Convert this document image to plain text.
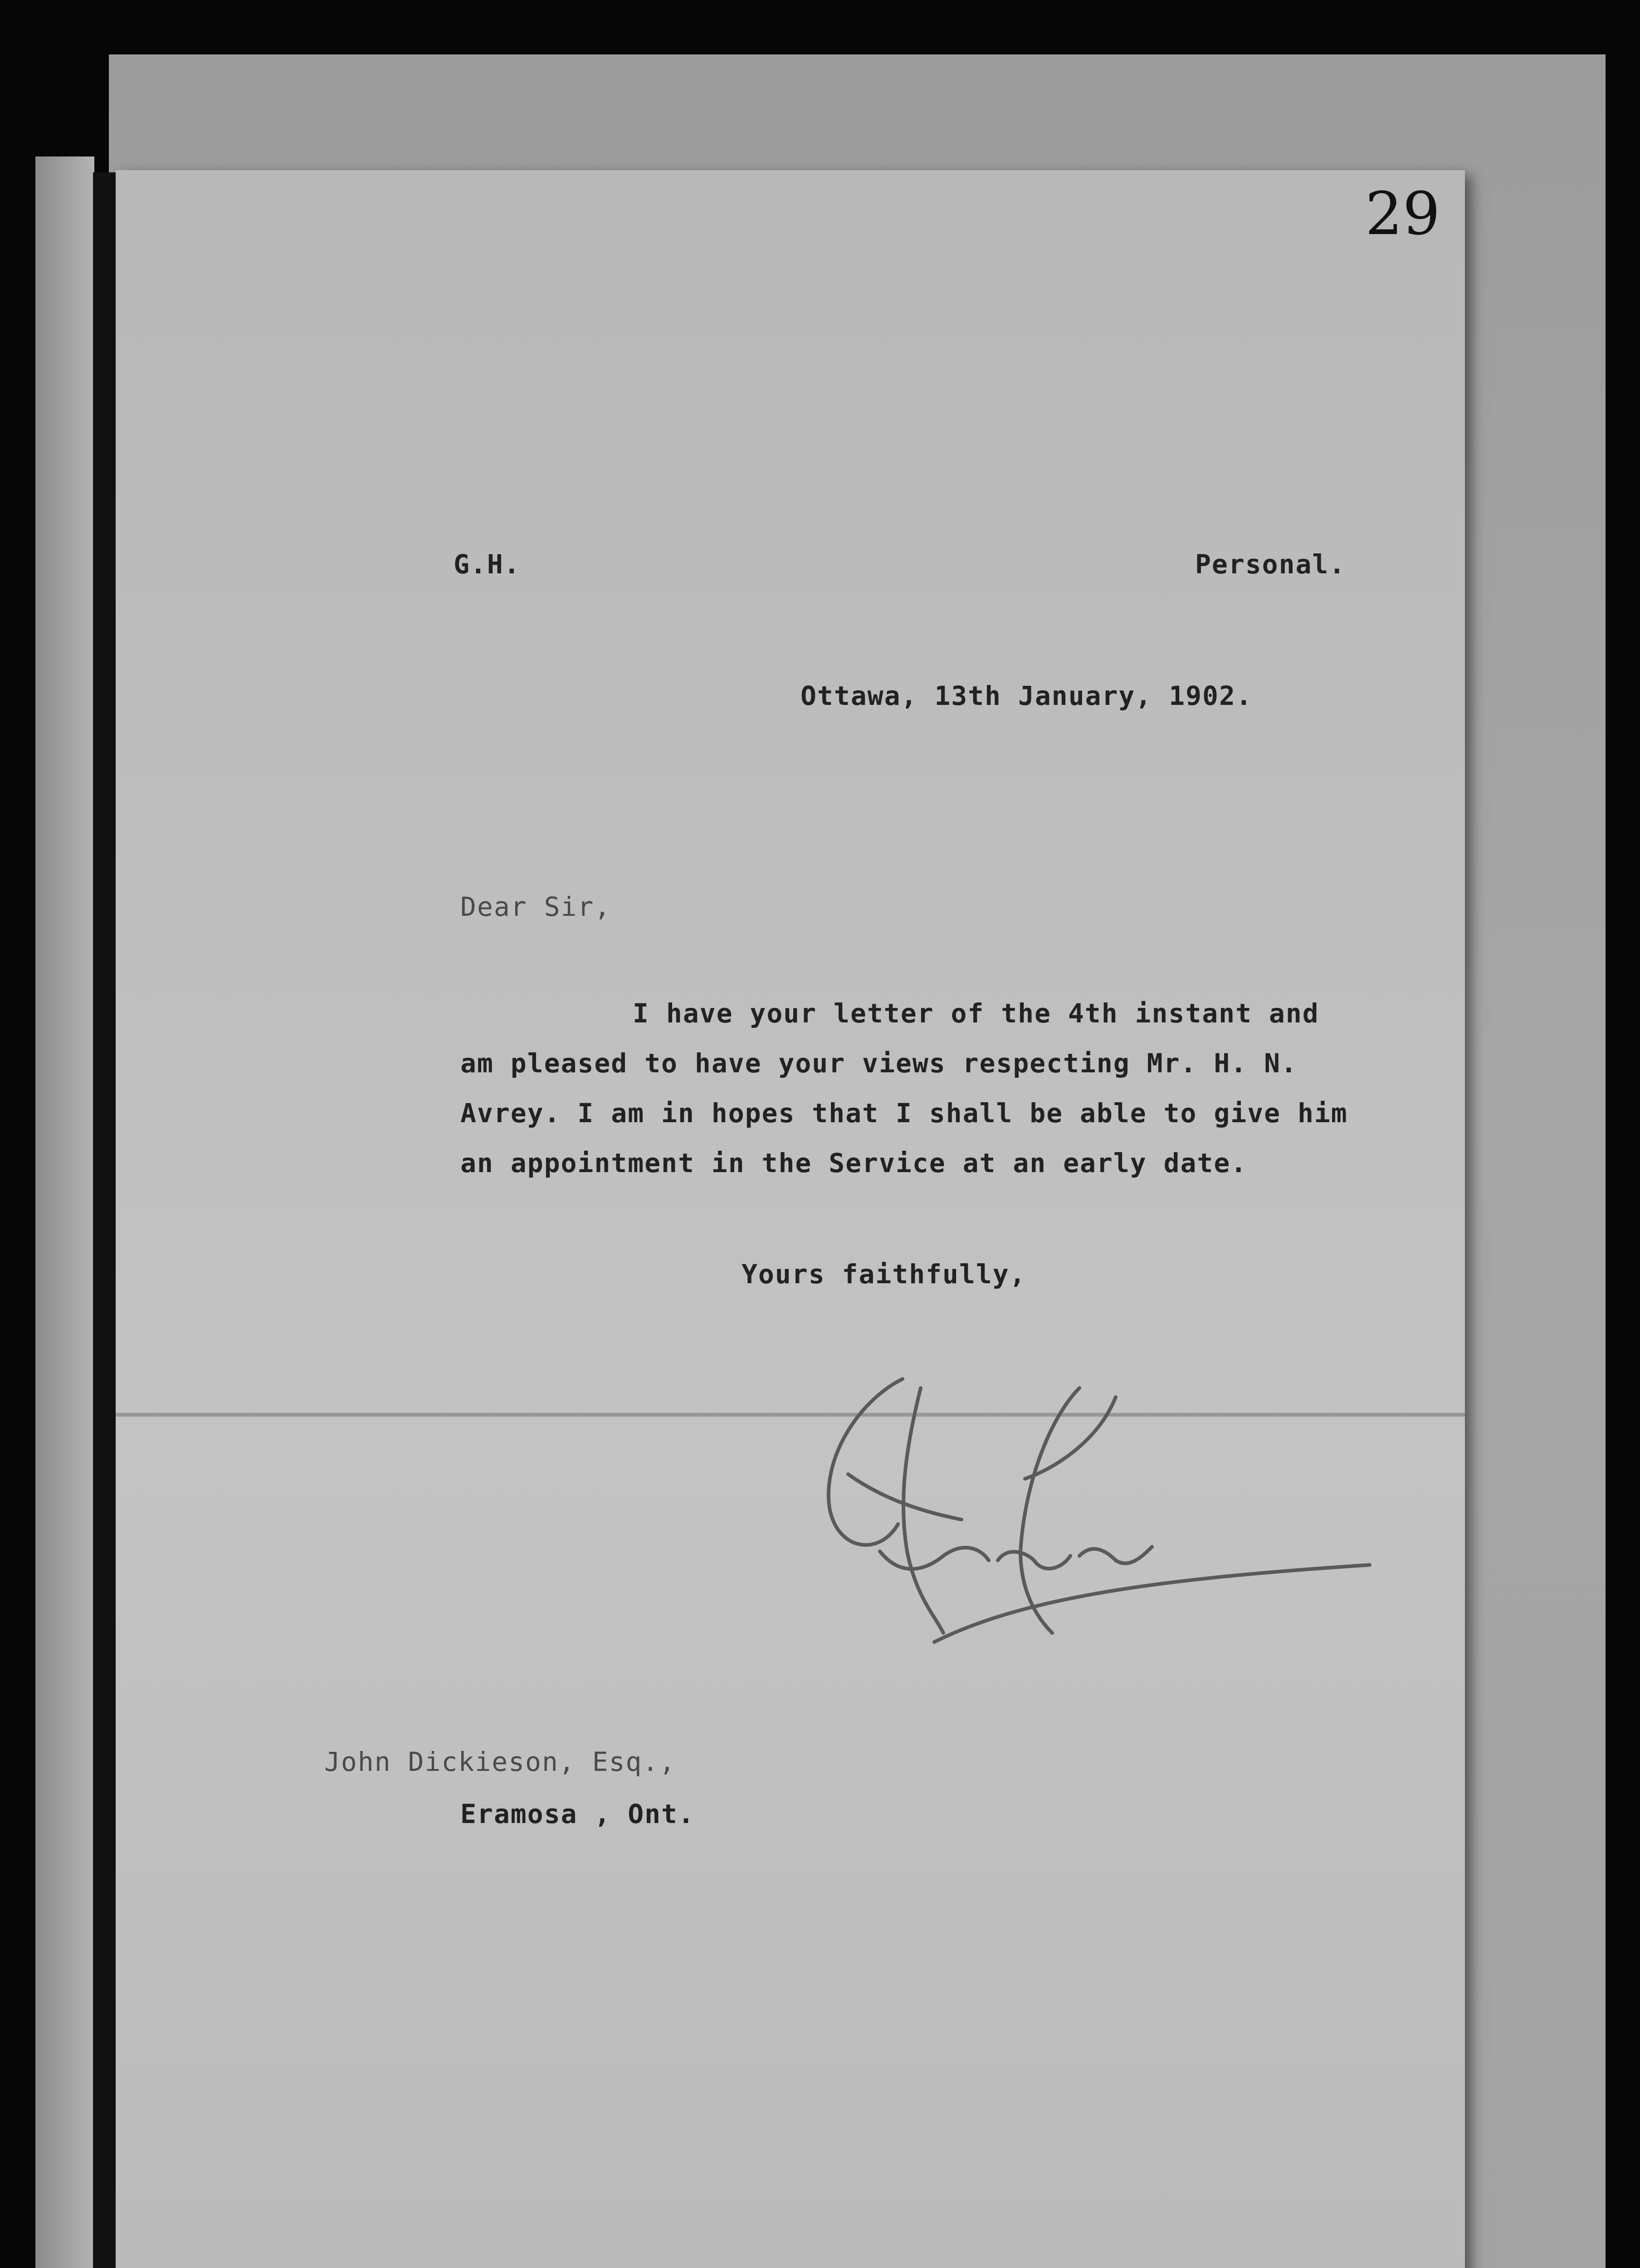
G.H.	Personal.
Ottawa, 13th January, 1902.
Dear Sir,
I have your letter of the 4th instant and
am pleased to have your views respecting Mr. H. N.
Avrey. I am in hopes that I shall be able to give him
an appointment in the Service at an early date.
Yours faithfully,
John Dickieson, Esq.,
Eramosa , Ont.
29
